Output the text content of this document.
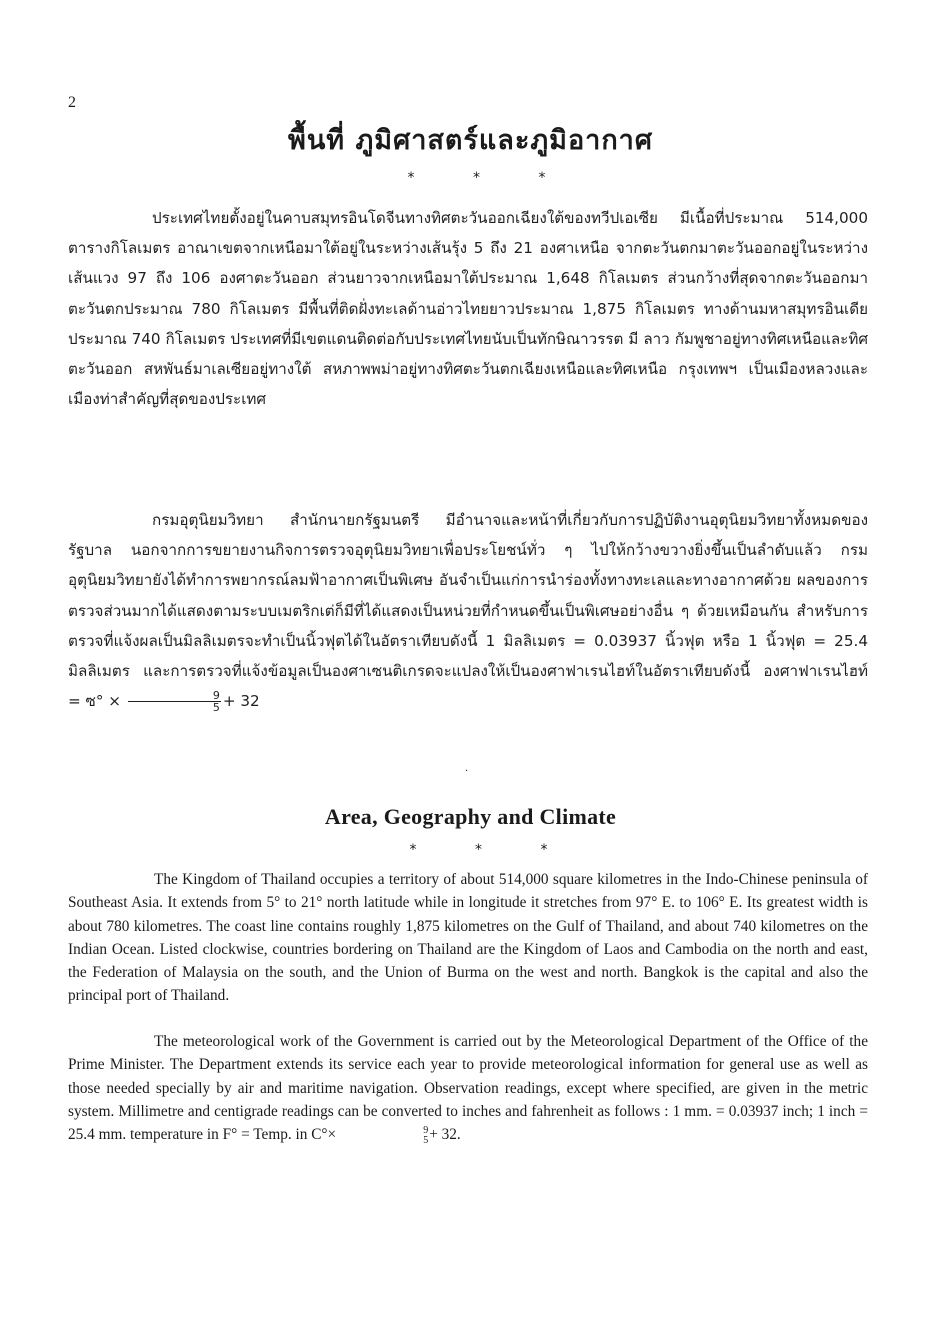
2
พื้นที่ ภูมิศาสตร์และภูมิอากาศ
* * *

ประเทศไทยตั้งอยู่ในคาบสมุทรอินโดจีนทางทิศตะวันออกเฉียงใต้ของทวีปเอเซีย มีเนื้อที่ประมาณ 514,000 ตารางกิโลเมตร อาณาเขตจากเหนือมาใต้อยู่ในระหว่างเส้นรุ้ง 5 ถึง 21 องศาเหนือ จากตะวันตกมาตะวันออกอยู่ในระหว่างเส้นแวง 97 ถึง 106 องศาตะวันออก ส่วนยาวจากเหนือมาใต้ประมาณ 1,648 กิโลเมตร ส่วนกว้างที่สุดจากตะวันออกมาตะวันตกประมาณ 780 กิโลเมตร มีพื้นที่ติดฝั่งทะเลด้านอ่าวไทยยาวประมาณ 1,875 กิโลเมตร ทางด้านมหาสมุทรอินเดียประมาณ 740 กิโลเมตร ประเทศที่มีเขตแดนติดต่อกับประเทศไทยนับเป็นทักษิณาวรรต มี ลาว กัมพูชาอยู่ทางทิศเหนือและทิศตะวันออก สหพันธ์มาเลเซียอยู่ทางใต้ สหภาพพม่าอยู่ทางทิศตะวันตกเฉียงเหนือและทิศเหนือ กรุงเทพฯ เป็นเมืองหลวงและเมืองท่าสำคัญที่สุดของประเทศ

กรมอุตุนิยมวิทยา สำนักนายกรัฐมนตรี มีอำนาจและหน้าที่เกี่ยวกับการปฏิบัติงานอุตุนิยมวิทยาทั้งหมดของรัฐบาล นอกจากการขยายงานกิจการตรวจอุตุนิยมวิทยาเพื่อประโยชน์ทั่ว ๆ ไปให้กว้างขวางยิ่งขึ้นเป็นลำดับแล้ว กรมอุตุนิยมวิทยายังได้ทำการพยากรณ์ลมฟ้าอากาศเป็นพิเศษ อันจำเป็นแก่การนำร่องทั้งทางทะเลและทางอากาศด้วย ผลของการตรวจส่วนมากได้แสดงตามระบบเมตริกเต่ก็มีที่ได้แสดงเป็นหน่วยที่กำหนดขึ้นเป็นพิเศษอย่างอื่น ๆ ด้วยเหมือนกัน สำหรับการตรวจที่แจ้งผลเป็นมิลลิเมตรจะทำเป็นนิ้วฟุตได้ในอัตราเทียบดังนี้ 1 มิลลิเมตร = 0.03937 นิ้วฟุต หรือ 1 นิ้วฟุต = 25.4 มิลลิเมตร และการตรวจที่แจ้งข้อมูลเป็นองศาเซนติเกรดจะแปลงให้เป็นองศาฟาเรนไฮท์ในอัตราเทียบดังนี้ องศาฟาเรนไฮท์ = ซ° × $\frac{9}{5} + 32$

·
Area, Geography and Climate
* * *

The Kingdom of Thailand occupies a territory of about 514,000 square kilometres in the Indo-Chinese peninsula of Southeast Asia. It extends from 5° to 21° north latitude while in longitude it stretches from 97° E. to 106° E. Its greatest width is about 780 kilometres. The coast line contains roughly 1,875 kilometres on the Gulf of Thailand, and about 740 kilometres on the Indian Ocean. Listed clockwise, countries bordering on Thailand are the Kingdom of Laos and Cambodia on the north and east, the Federation of Malaysia on the south, and the Union of Burma on the west and north. Bangkok is the capital and also the principal port of Thailand.

The meteorological work of the Government is carried out by the Meteorological Department of the Office of the Prime Minister. The Department extends its service each year to provide meteorological information for general use as well as those needed specially by air and maritime navigation. Observation readings, except where specified, are given in the metric system. Millimetre and centigrade readings can be converted to inches and fahrenheit as follows : 1 mm. = 0.03937 inch; 1 inch = 25.4 mm. temperature in F° = Temp. in C°×	9
5 + 32.
